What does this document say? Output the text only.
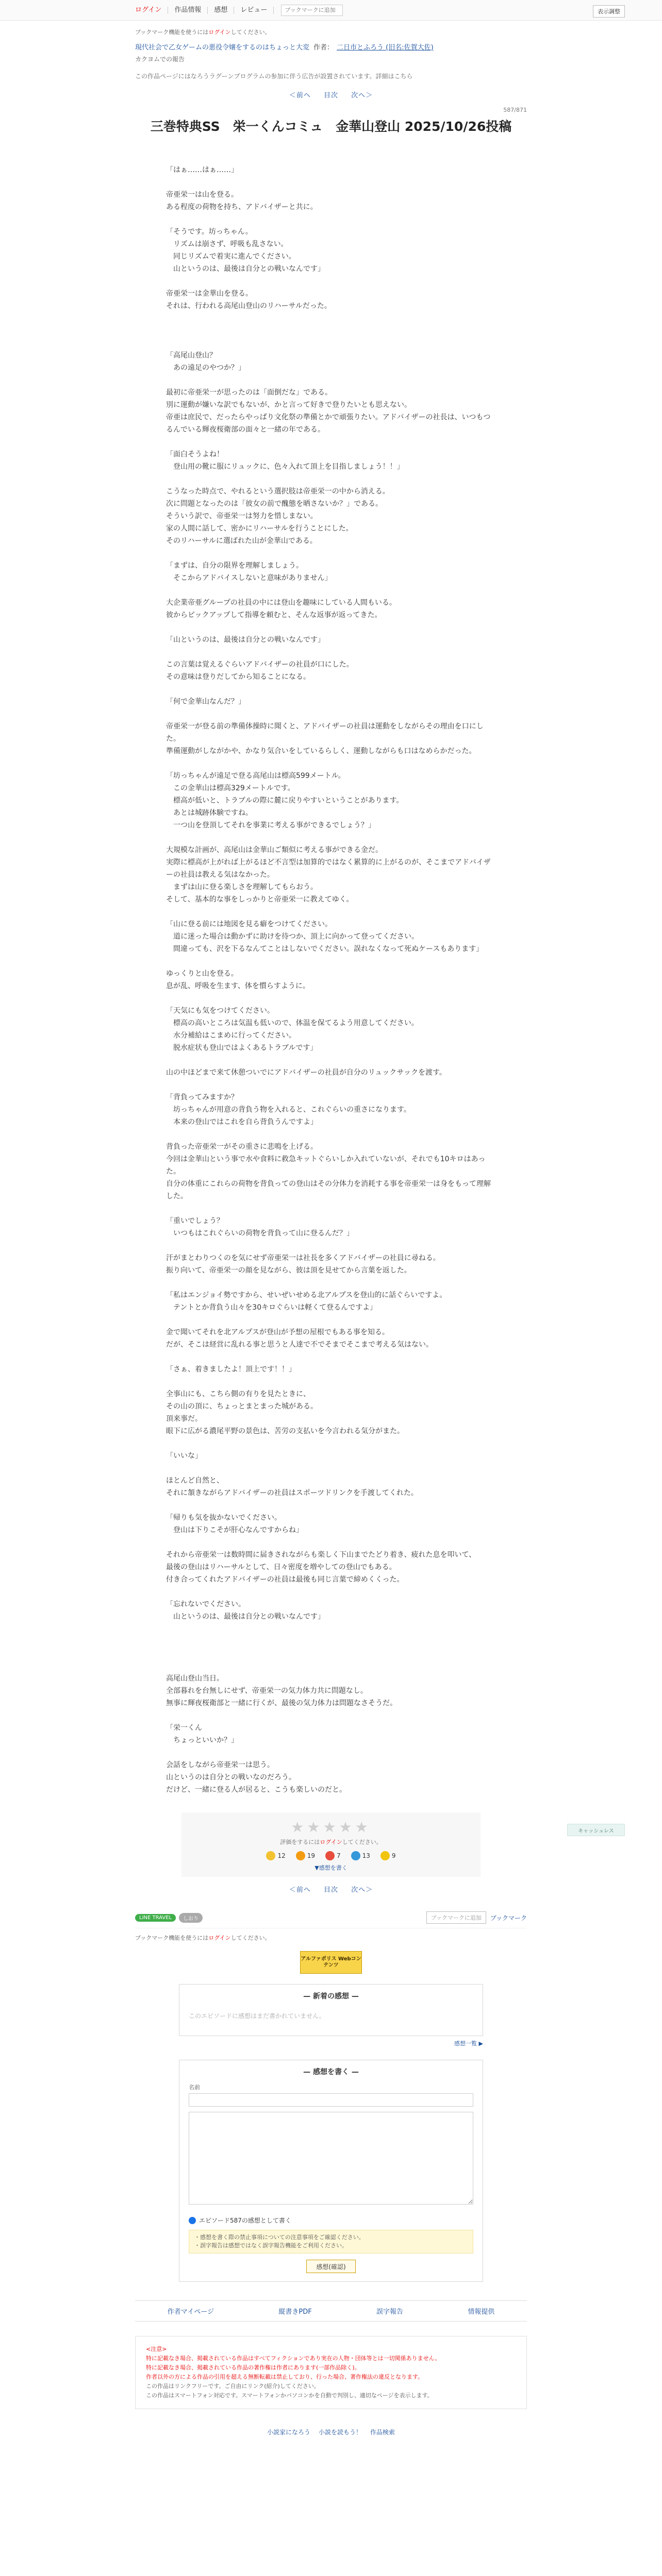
ログイン	作品情報	感想	レビュー
ブックマークに追加	表示調整
ブックマーク機能を使うにはログインしてください。
現代社会で乙女ゲームの悪役令嬢をするのはちょっと大変 作者： 二日市とふろう (旧名:佐賀大佐)
カクヨムでの報告
この作品ページにはなろうラグーンプログラムの参加に伴う広告が設置されています。詳細はこちら
＜前へ 目次 次へ＞
587/871
三巻特典SS　栄一くんコミュ　金華山登山 2025/10/26投稿

「はぁ……はぁ……」

帝亜栄一は山を登る。

ある程度の荷物を持ち、アドバイザーと共に。

「そうです。坊っちゃん。

　リズムは崩さず、呼吸も乱さない。

　同じリズムで着実に進んでください。

　山というのは、最後は自分との戦いなんです」

帝亜栄一は金華山を登る。

それは、行われる高尾山登山のリハーサルだった。

「高尾山登山？

　あの遠足のやつか？」

最初に帝亜栄一が思ったのは「面倒だな」である。

別に運動が嫌いな訳でもないが、かと言って好きで登りたいとも思えない。

帝亜は庶民で、だったらやっぱり文化祭の準備とかで頑張りたい。アドバイザーの社長は、いつもつるんでいる輝夜桜衛部の面々と一緒の年である。

「面白そうよね！

　登山用の靴に服にリュックに、色々入れて頂上を目指しましょう！！」

こうなった時点で、やれるという選択肢は帝亜栄一の中から消える。

次に問題となったのは「彼女の前で醜態を晒さないか？」である。

そういう訳で、帝亜栄一は努力を惜しまない。

家の人間に話して、密かにリハーサルを行うことにした。

そのリハーサルに選ばれた山が金華山である。

「まずは、自分の限界を理解しましょう。

　そこからアドバイスしないと意味がありません」

大企業帝亜グループの社員の中には登山を趣味にしている人間もいる。

彼からピックアップして指導を頼むと、そんな返事が返ってきた。

「山というのは、最後は自分との戦いなんです」

この言葉は覚えるぐらいアドバイザーの社員が口にした。

その意味は登りだしてから知ることになる。

「何で金華山なんだ？」

帝亜栄一が登る前の準備体操時に聞くと、アドバイザーの社員は運動をしながらその理由を口にした。

準備運動がしながかや、かなり気合いをしているらしく、運動しながらも口はなめらかだった。

「坊っちゃんが遠足で登る高尾山は標高599メートル。

　この金華山は標高329メートルです。

　標高が低いと、トラブルの際に麓に戻りやすいということがあります。

　あとは城跡体験ですね。

　一つ山を登頂してそれを事業に考える事ができるでしょう？」

大規模な計画が、高尾山は金華山ご類似に考える事ができる金だ。

実際に標高が上がれば上がるほど不言型は加算的ではなく累算的に上がるのが、そこまでアドバイザーの社員は教える気はなかった。

　まずは山に登る楽しさを理解してもらおう。

そして、基本的な事をしっかりと帝亜栄一に教えてゆく。

「山に登る前には地図を見る癖をつけてください。

　道に迷った場合は動かずに助けを待つか、頂上に向かって登ってください。

　間違っても、沢を下るなんてことはしないでください。誤れなくなって死ぬケースもあります」

ゆっくりと山を登る。

息が乱、呼吸を生ます、体を慣らすように。

「天気にも気をつけてください。

　標高の高いところは気温も低いので、体温を保てるよう用意してください。

　水分補給はこまめに行ってください。

　脱水症状も登山ではよくあるトラブルです」

山の中ほどまで来て休憩ついでにアドバイザーの社員が自分のリュックサックを渡す。

「背負ってみますか？

　坊っちゃんが用意の背負う物を入れると、これぐらいの重さになります。

　本来の登山ではこれを自ら背負うんですよ」

背負った帝亜栄一がその重さに悲鳴を上げる。

今回は金華山という事で水や食料に救急キットぐらいしか入れていないが、それでも10キロはあった。

自分の体重にこれらの荷物を背負っての登山はその分体力を消耗する事を帝亜栄一は身をもって理解した。

「重いでしょう？

　いつもはこれぐらいの荷物を背負って山に登るんだ？」

汗がまとわりつくのを気にせず帝亜栄一は社長を多くアドバイザーの社員に尋ねる。

振り向いて、帝亜栄一の顔を見ながら、彼は頂を見せてから言葉を返した。

「私はエンジョイ勢ですから、せいぜいせめる北アルプスを登山的に話ぐらいですよ。

　テントとか背負う山々を30キロぐらいは軽くて登るんですよ」

金で聞いてそれを北アルプスが登山が予想の屋根でもある事を知る。

だが、そこは経営に乱れる事と思うと人達で不でそまでそこまで考える気はない。

「さぁ、着きましたよ！頂上です！！」

全事山にも、こちら側の有りを見たときに、

その山の頂に、ちょっとまとまった城がある。

頂来事だ。

眼下に広がる濃尾平野の景色は、苦労の支払いを今言われる気分がまた。

「いいな」

ほとんど自然と、

それに頷きながらアドバイザーの社員はスポーツドリンクを手渡してくれた。

「帰りも気を抜かないでください。

　登山は下りこそが肝心なんですからね」

それから帝亜栄一は数時間に届きされながらも楽しく下山までたどり着き、疲れた息を叩いて、

最後の登山はリハーサルとして、日々密度を増やしての登山でもある。

付き合ってくれたアドバイザーの社員は最後も同じ言葉で締めくくった。

「忘れないでください。

　山というのは、最後は自分との戦いなんです」

高尾山登山当日。

全部暮れを台無しにせず、帝亜栄一の気力体力共に問題なし。

無事に輝夜桜衛部と一緒に行くが、最後の気力体力は問題なさそうだ。

「栄一くん

　ちょっといいか？」

会話をしながら帝亜栄一は思う。

山というのは自分との戦いなのだろう。

だけど、一緒に登る人が居ると、こうも楽しいのだと。

★★★★★
評価をするにはログインしてください。
12	19	7	13	9
▼感想を書く
＜前へ 目次 次へ＞
LINE TRAVEL	しおり	ブックマークに追加	ブックマーク
ブックマーク機能を使うにはログインしてください。
アルファポリス Webコンテンツ
— 新着の感想 —
このエピソードに感想はまだ書かれていません。
感想一覧 ▶
— 感想を書く —
名前

エピソード587の感想として書く
・感想を書く際の禁止事項についての注意事項をご確認ください。
・誤字報告は感想ではなく誤字報告機能をご利用ください。
感想(確認)
作者マイページ	縦書きPDF	誤字報告	情報提供
<注意>
特に記載なき場合、掲載されている作品はすべてフィクションであり実在の人物・団体等とは一切関係ありません。
特に記載なき場合、掲載されている作品の著作権は作者にあります(一部作品除く)。
作者以外の方による作品の引用を超える無断転載は禁止しており、行った場合、著作権法の違反となります。
この作品はリンクフリーです。ご自由にリンク(紹介)してください。
この作品はスマートフォン対応です。スマートフォンかパソコンかを自動で判別し、適切なページを表示します。
小説家になろう 小説を読もう！ 作品検索
キャッシュレス
